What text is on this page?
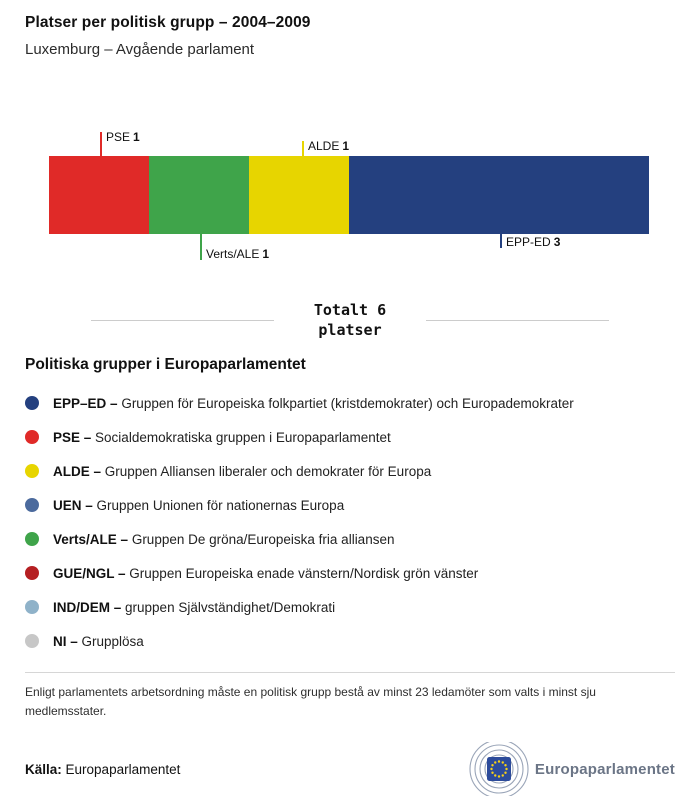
Platser per politisk grupp – 2004–2009
Luxemburg – Avgående parlament
PSE 1
ALDE 1
EPP-ED 3
Verts/ALE 1
Totalt 6
platser
Politiska grupper i Europaparlamentet
EPP–ED – Gruppen för Europeiska folkpartiet (kristdemokrater) och Europademokrater
PSE – Socialdemokratiska gruppen i Europaparlamentet
ALDE – Gruppen Alliansen liberaler och demokrater för Europa
UEN – Gruppen Unionen för nationernas Europa
Verts/ALE – Gruppen De gröna/Europeiska fria alliansen
GUE/NGL – Gruppen Europeiska enade vänstern/Nordisk grön vänster
IND/DEM – gruppen Självständighet/Demokrati
NI – Grupplösa
Enligt parlamentets arbetsordning måste en politisk grupp bestå av minst 23 ledamöter som valts i minst sju medlemsstater.
Källa: Europaparlamentet	Europaparlamentet
